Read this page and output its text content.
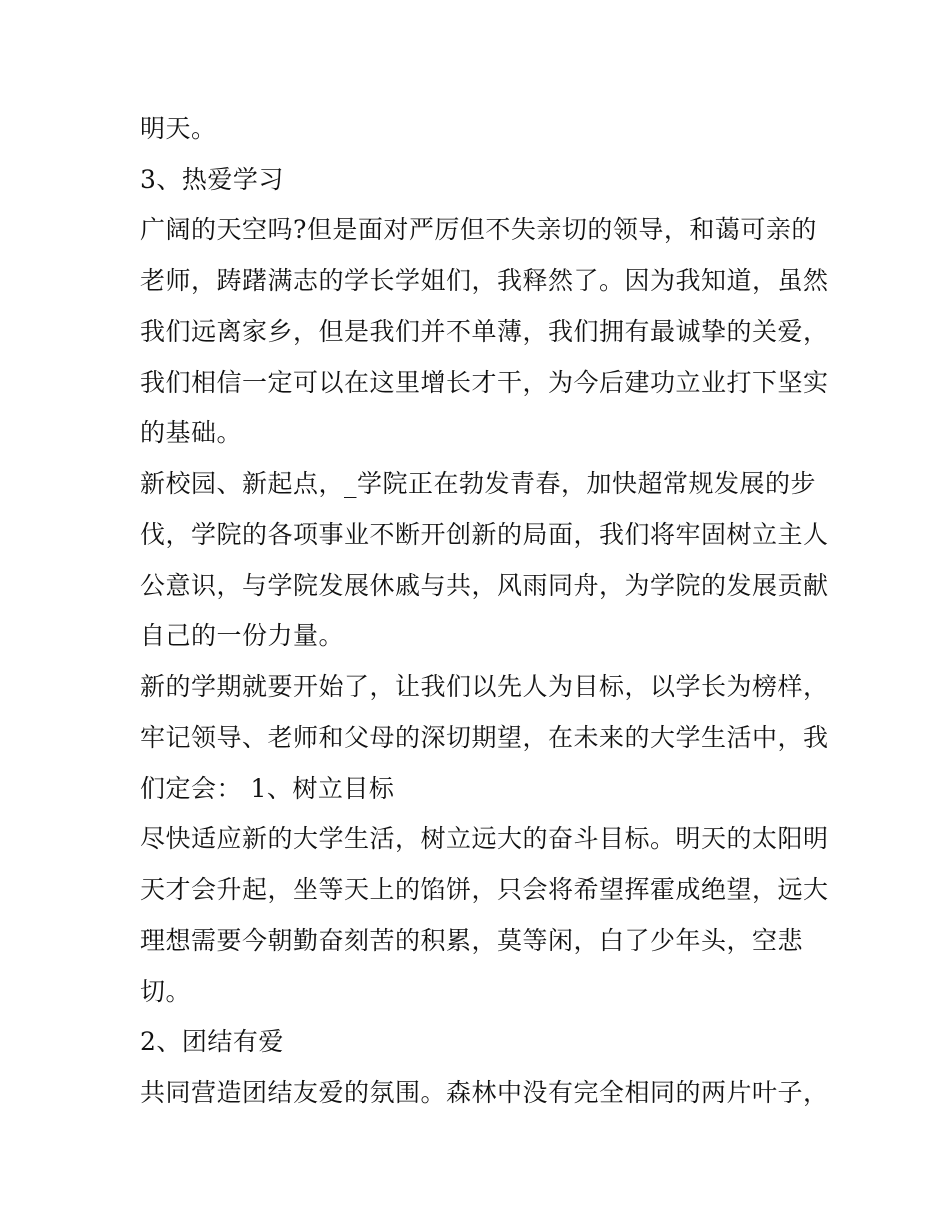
明天。
3、热爱学习
广阔的天空吗?但是面对严厉但不失亲切的领导，和蔼可亲的
老师，踌躇满志的学长学姐们，我释然了。因为我知道，虽然
我们远离家乡，但是我们并不单薄，我们拥有最诚挚的关爱，
我们相信一定可以在这里增长才干，为今后建功立业打下坚实
的基础。
新校园、新起点，_学院正在勃发青春，加快超常规发展的步
伐，学院的各项事业不断开创新的局面，我们将牢固树立主人
公意识，与学院发展休戚与共，风雨同舟，为学院的发展贡献
自己的一份力量。
新的学期就要开始了，让我们以先人为目标，以学长为榜样，
牢记领导、老师和父母的深切期望，在未来的大学生活中，我
们定会： 1、树立目标
尽快适应新的大学生活，树立远大的奋斗目标。明天的太阳明
天才会升起，坐等天上的馅饼，只会将希望挥霍成绝望，远大
理想需要今朝勤奋刻苦的积累，莫等闲，白了少年头，空悲
切。
2、团结有爱
共同营造团结友爱的氛围。森林中没有完全相同的两片叶子，
